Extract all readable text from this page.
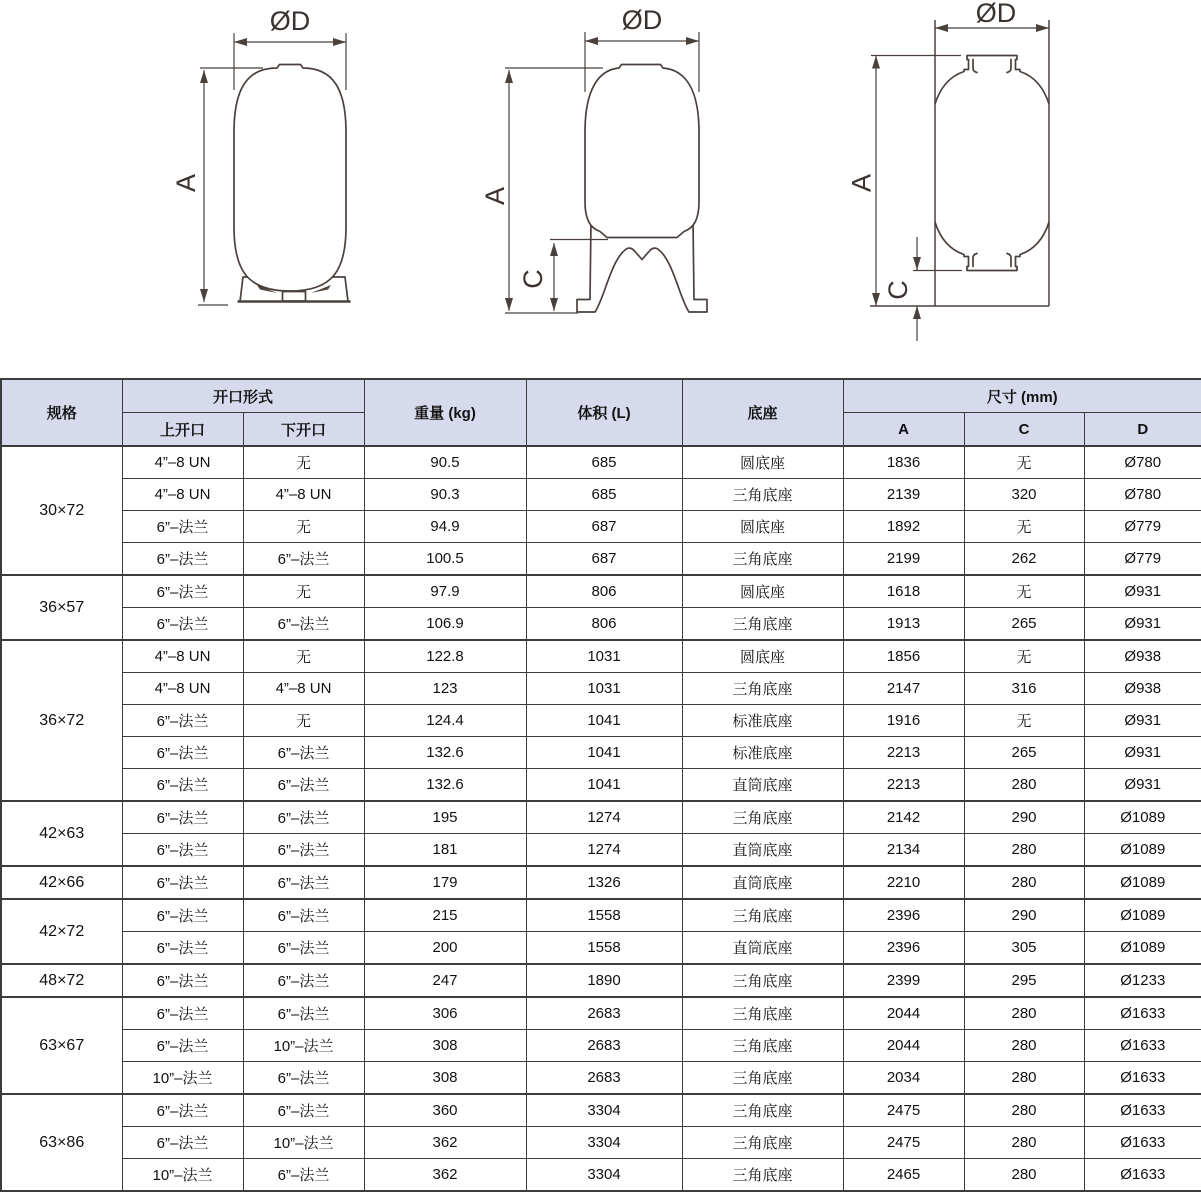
ØD
A
ØD
A
C
ØD
A
C
规格	开口形式		重量 (kg)	体积 (L)	底座	尺寸 (mm)		
	上开口	下开口				A	C	D
30×72	4”–8 UN	无	90.5	685	圆底座	1836	无	Ø780
	4”–8 UN	4”–8 UN	90.3	685	三角底座	2139	320	Ø780
	6”–法兰	无	94.9	687	圆底座	1892	无	Ø779
	6”–法兰	6”–法兰	100.5	687	三角底座	2199	262	Ø779
36×57	6”–法兰	无	97.9	806	圆底座	1618	无	Ø931
	6”–法兰	6”–法兰	106.9	806	三角底座	1913	265	Ø931
36×72	4”–8 UN	无	122.8	1031	圆底座	1856	无	Ø938
	4”–8 UN	4”–8 UN	123	1031	三角底座	2147	316	Ø938
	6”–法兰	无	124.4	1041	标准底座	1916	无	Ø931
	6”–法兰	6”–法兰	132.6	1041	标准底座	2213	265	Ø931
	6”–法兰	6”–法兰	132.6	1041	直筒底座	2213	280	Ø931
42×63	6”–法兰	6”–法兰	195	1274	三角底座	2142	290	Ø1089
	6”–法兰	6”–法兰	181	1274	直筒底座	2134	280	Ø1089
42×66	6”–法兰	6”–法兰	179	1326	直筒底座	2210	280	Ø1089
42×72	6”–法兰	6”–法兰	215	1558	三角底座	2396	290	Ø1089
	6”–法兰	6”–法兰	200	1558	直筒底座	2396	305	Ø1089
48×72	6”–法兰	6”–法兰	247	1890	三角底座	2399	295	Ø1233
63×67	6”–法兰	6”–法兰	306	2683	三角底座	2044	280	Ø1633
	6”–法兰	10”–法兰	308	2683	三角底座	2044	280	Ø1633
	10”–法兰	6”–法兰	308	2683	三角底座	2034	280	Ø1633
63×86	6”–法兰	6”–法兰	360	3304	三角底座	2475	280	Ø1633
	6”–法兰	10”–法兰	362	3304	三角底座	2475	280	Ø1633
	10”–法兰	6”–法兰	362	3304	三角底座	2465	280	Ø1633
